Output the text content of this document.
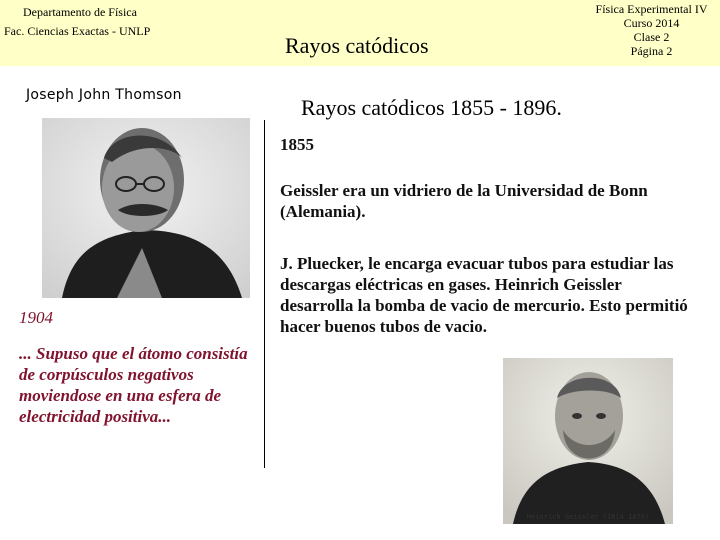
Departamento de Física
Fac. Ciencias Exactas - UNLP
Rayos catódicos
Física Experimental IV
Curso 2014
Clase 2
Página 2
Joseph John Thomson
1904
... Supuso que el átomo consistía de corpúsculos negativos moviendose en una esfera de electricidad positiva...
Rayos catódicos 1855 - 1896.
1855
Geissler era un vidriero de la Universidad de Bonn (Alemania).
J. Pluecker, le encarga evacuar tubos para estudiar las descargas eléctricas en gases. Heinrich Geissler desarrolla la bomba de vacio de mercurio. Esto permitió hacer buenos tubos de vacio.
Heinrich Geissler (1814 1879)
